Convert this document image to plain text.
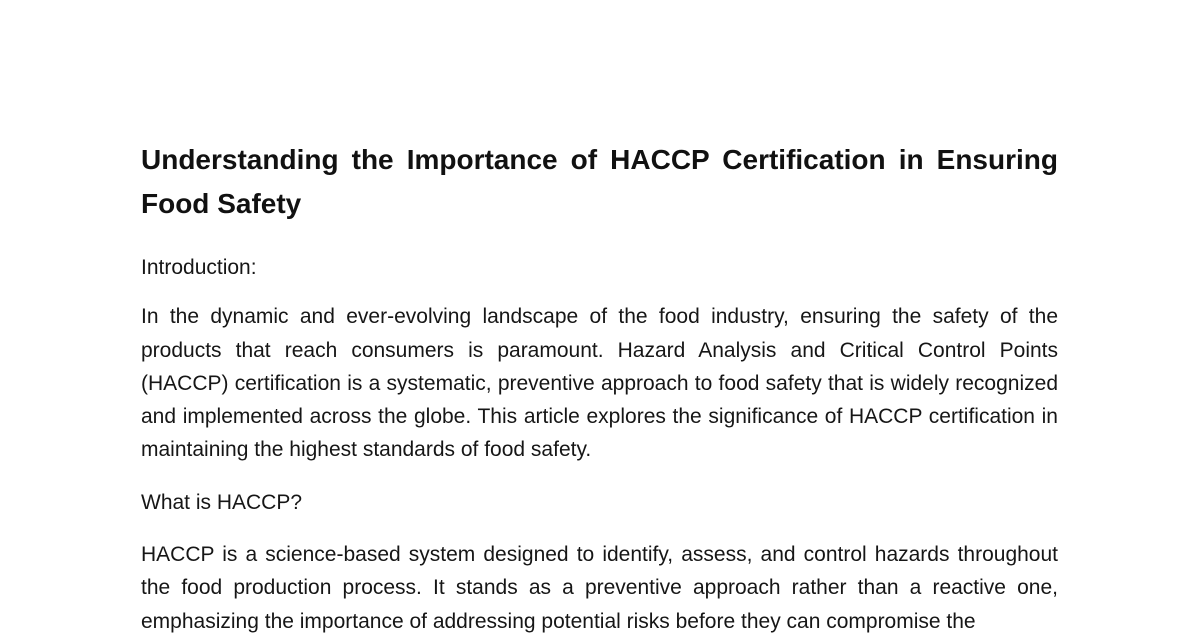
Understanding the Importance of HACCP Certification in Ensuring Food Safety

Introduction:

In the dynamic and ever-evolving landscape of the food industry, ensuring the safety of the products that reach consumers is paramount. Hazard Analysis and Critical Control Points (HACCP) certification is a systematic, preventive approach to food safety that is widely recognized and implemented across the globe. This article explores the significance of HACCP certification in maintaining the highest standards of food safety.

What is HACCP?

HACCP is a science-based system designed to identify, assess, and control hazards throughout the food production process. It stands as a preventive approach rather than a reactive one, emphasizing the importance of addressing potential risks before they can compromise the
